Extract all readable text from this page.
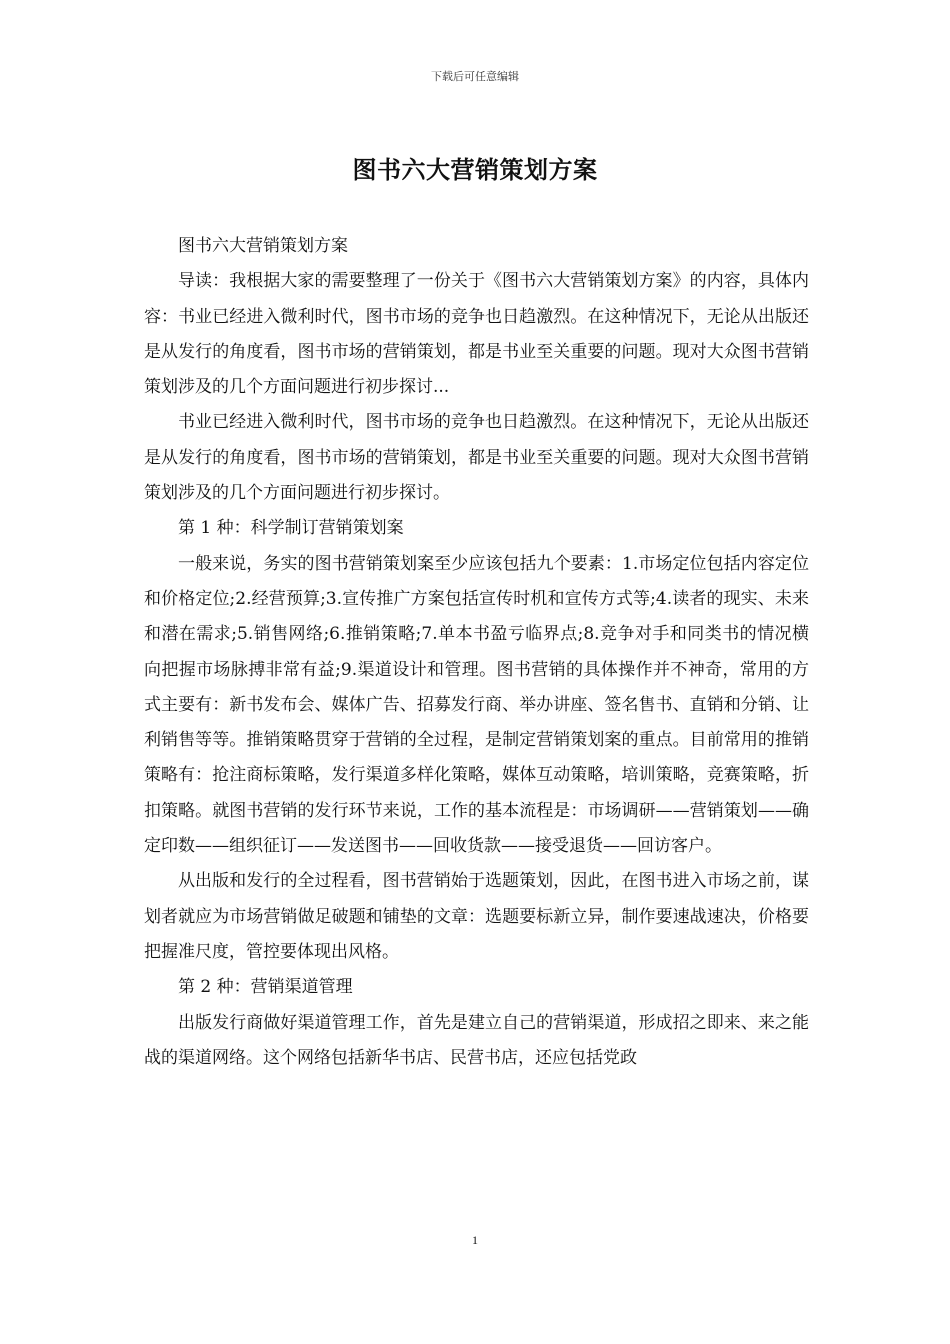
下载后可任意编辑
图书六大营销策划方案

图书六大营销策划方案

导读：我根据大家的需要整理了一份关于《图书六大营销策划方案》的内容，具体内容：书业已经进入微利时代，图书市场的竞争也日趋激烈。在这种情况下，无论从出版还是从发行的角度看，图书市场的营销策划，都是书业至关重要的问题。现对大众图书营销策划涉及的几个方面问题进行初步探讨...

书业已经进入微利时代，图书市场的竞争也日趋激烈。在这种情况下，无论从出版还是从发行的角度看，图书市场的营销策划，都是书业至关重要的问题。现对大众图书营销策划涉及的几个方面问题进行初步探讨。

第 1 种：科学制订营销策划案

一般来说，务实的图书营销策划案至少应该包括九个要素：1.市场定位包括内容定位和价格定位;2.经营预算;3.宣传推广方案包括宣传时机和宣传方式等;4.读者的现实、未来和潜在需求;5.销售网络;6.推销策略;7.单本书盈亏临界点;8.竞争对手和同类书的情况横向把握市场脉搏非常有益;9.渠道设计和管理。图书营销的具体操作并不神奇，常用的方式主要有：新书发布会、媒体广告、招募发行商、举办讲座、签名售书、直销和分销、让利销售等等。推销策略贯穿于营销的全过程，是制定营销策划案的重点。目前常用的推销策略有：抢注商标策略，发行渠道多样化策略，媒体互动策略，培训策略，竞赛策略，折扣策略。就图书营销的发行环节来说，工作的基本流程是：市场调研——营销策划——确定印数——组织征订——发送图书——回收货款——接受退货——回访客户。

从出版和发行的全过程看，图书营销始于选题策划，因此，在图书进入市场之前，谋划者就应为市场营销做足破题和铺垫的文章：选题要标新立异，制作要速战速决，价格要把握准尺度，管控要体现出风格。

第 2 种：营销渠道管理

出版发行商做好渠道管理工作，首先是建立自己的营销渠道，形成招之即来、来之能战的渠道网络。这个网络包括新华书店、民营书店，还应包括党政

1
